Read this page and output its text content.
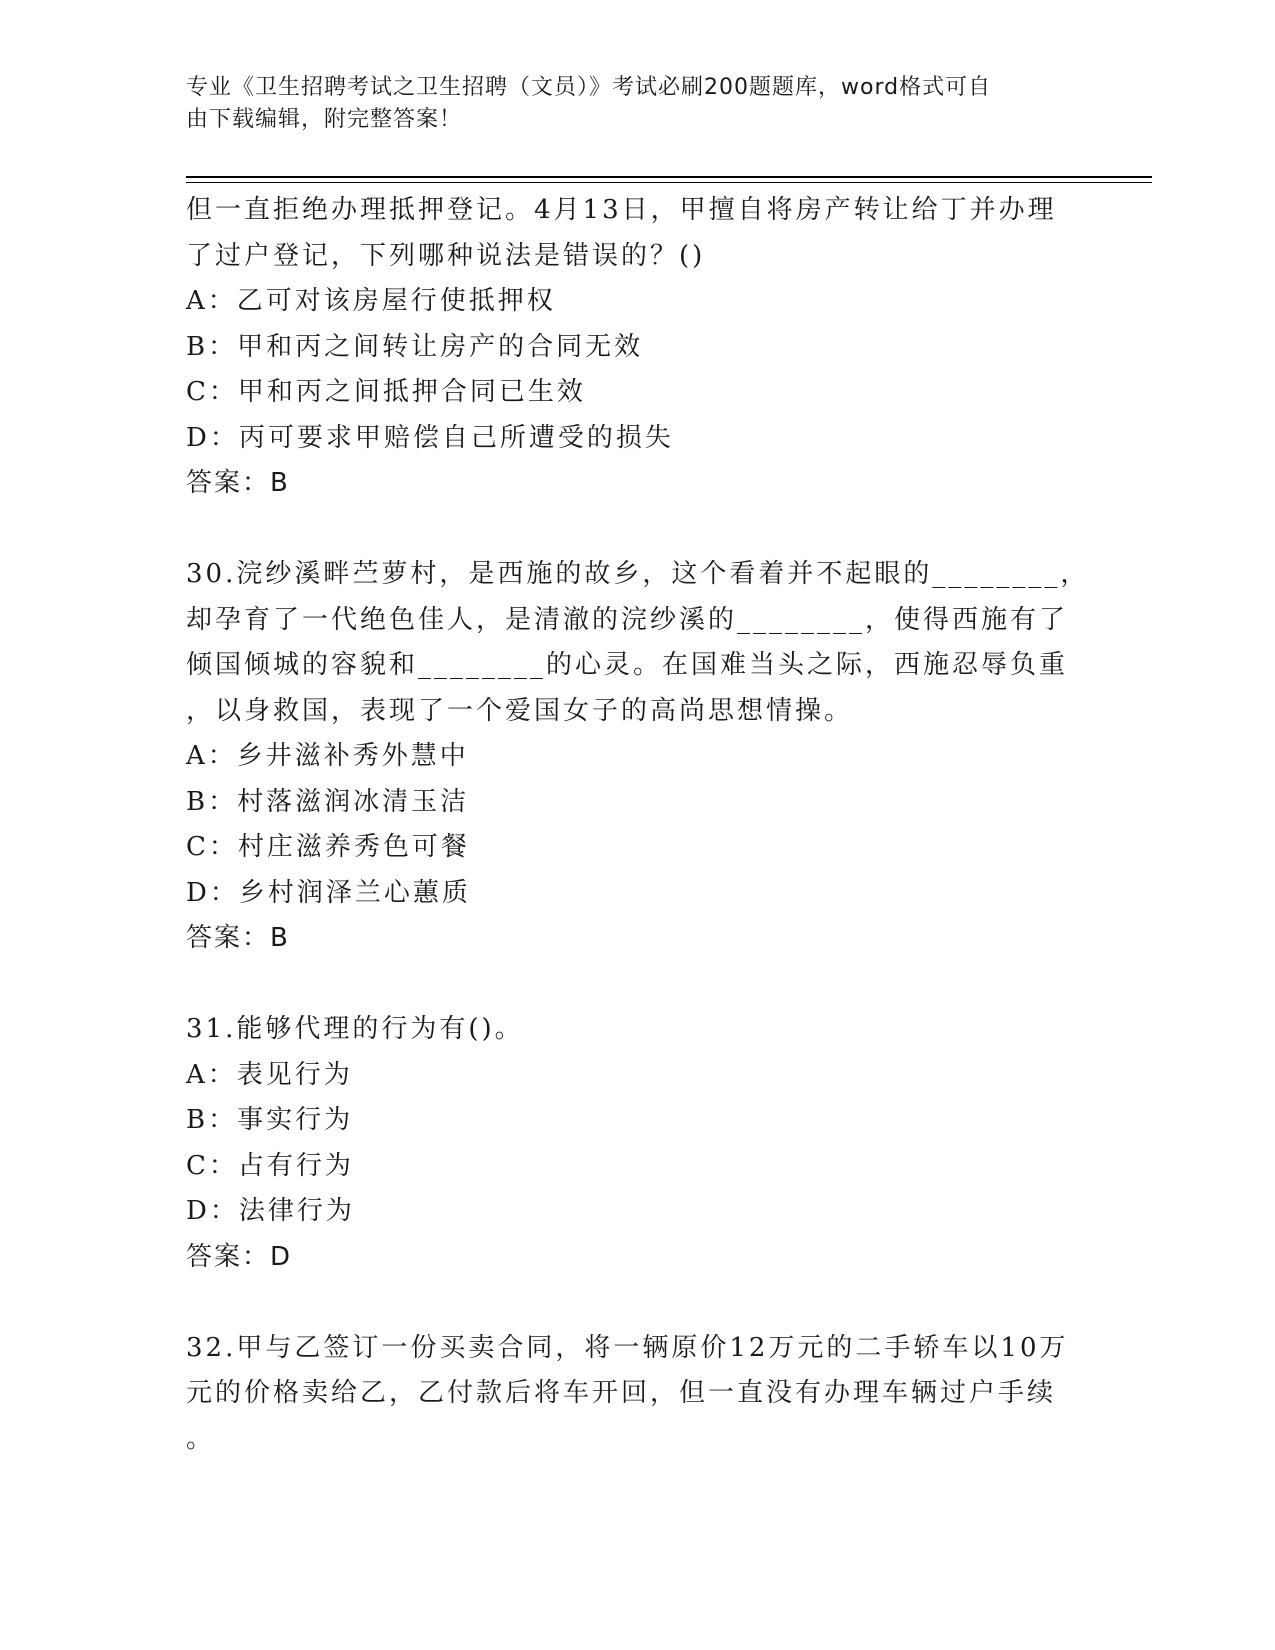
专业《卫生招聘考试之卫生招聘（文员）》考试必刷200题题库，word格式可自
由下载编辑，附完整答案！
但一直拒绝办理抵押登记。4月13日，甲擅自将房产转让给丁并办理
了过户登记，下列哪种说法是错误的？()
A：乙可对该房屋行使抵押权
B：甲和丙之间转让房产的合同无效
C：甲和丙之间抵押合同已生效
D：丙可要求甲赔偿自己所遭受的损失
答案：B
30.浣纱溪畔苎萝村，是西施的故乡，这个看着并不起眼的________，
却孕育了一代绝色佳人，是清澈的浣纱溪的________，使得西施有了
倾国倾城的容貌和________的心灵。在国难当头之际，西施忍辱负重
，以身救国，表现了一个爱国女子的高尚思想情操。
A：乡井滋补秀外慧中
B：村落滋润冰清玉洁
C：村庄滋养秀色可餐
D：乡村润泽兰心蕙质
答案：B
31.能够代理的行为有()。
A：表见行为
B：事实行为
C：占有行为
D：法律行为
答案：D
32.甲与乙签订一份买卖合同，将一辆原价12万元的二手轿车以10万
元的价格卖给乙，乙付款后将车开回，但一直没有办理车辆过户手续
。
